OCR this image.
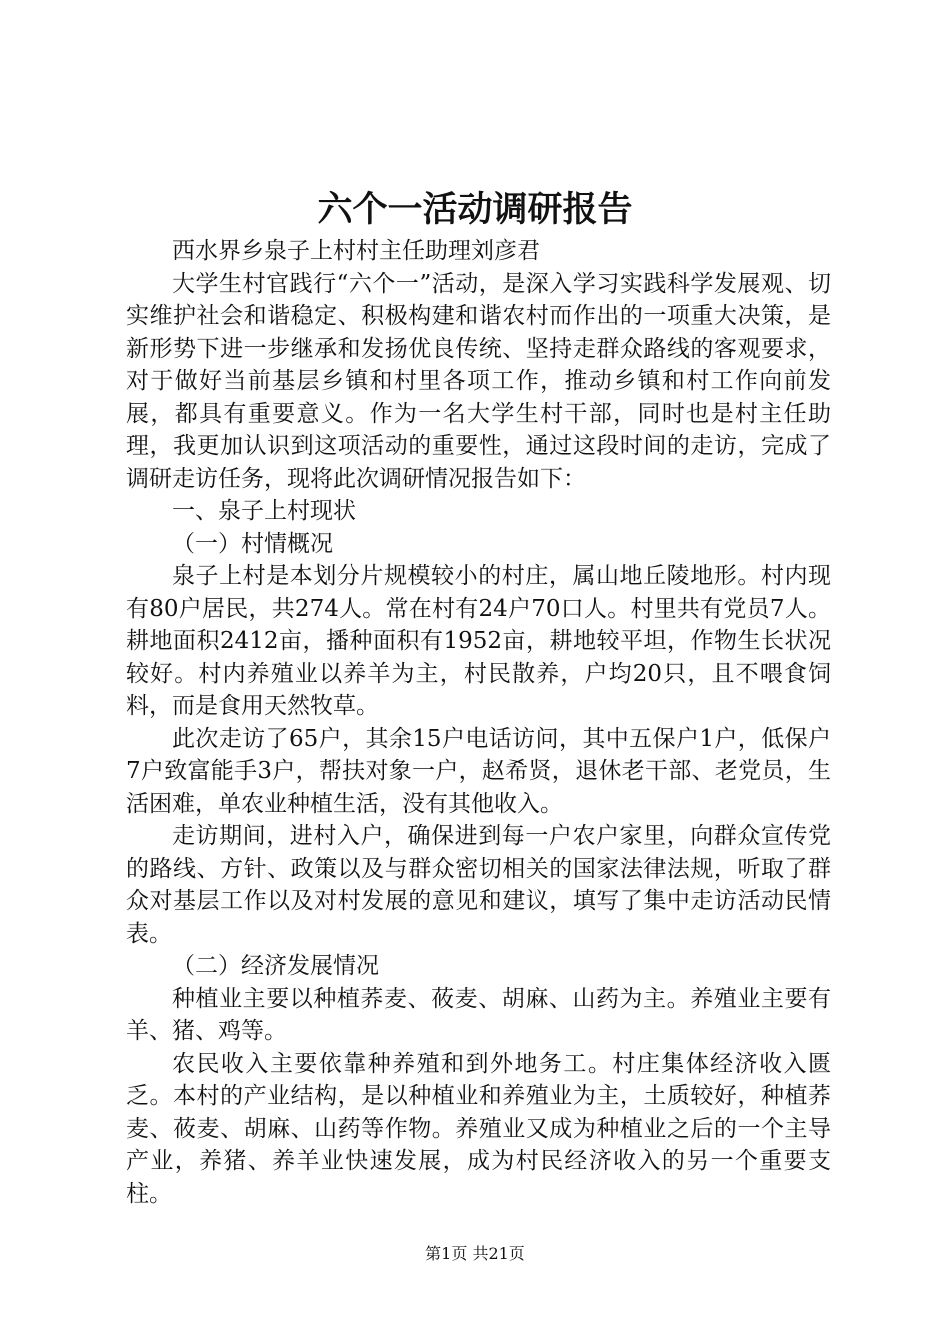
六个一活动调研报告

西水界乡泉子上村村主任助理刘彦君

大学生村官践行“六个一”活动，是深入学习实践科学发展观、切实维护社会和谐稳定、积极构建和谐农村而作出的一项重大决策，是新形势下进一步继承和发扬优良传统、坚持走群众路线的客观要求，对于做好当前基层乡镇和村里各项工作，推动乡镇和村工作向前发展，都具有重要意义。作为一名大学生村干部，同时也是村主任助理，我更加认识到这项活动的重要性，通过这段时间的走访，完成了调研走访任务，现将此次调研情况报告如下：

一、泉子上村现状

（一）村情概况

泉子上村是本划分片规模较小的村庄，属山地丘陵地形。村内现有80户居民，共274人。常在村有24户70口人。村里共有党员7人。耕地面积2412亩，播种面积有1952亩，耕地较平坦，作物生长状况较好。村内养殖业以养羊为主，村民散养，户均20只，且不喂食饲料，而是食用天然牧草。

此次走访了65户，其余15户电话访问，其中五保户1户，低保户7户致富能手3户，帮扶对象一户，赵希贤，退休老干部、老党员，生活困难，单农业种植生活，没有其他收入。

走访期间，进村入户，确保进到每一户农户家里，向群众宣传党的路线、方针、政策以及与群众密切相关的国家法律法规，听取了群众对基层工作以及对村发展的意见和建议，填写了集中走访活动民情表。

（二）经济发展情况

种植业主要以种植荞麦、莜麦、胡麻、山药为主。养殖业主要有羊、猪、鸡等。

农民收入主要依靠种养殖和到外地务工。村庄集体经济收入匮乏。本村的产业结构，是以种植业和养殖业为主，土质较好，种植荞麦、莜麦、胡麻、山药等作物。养殖业又成为种植业之后的一个主导产业，养猪、养羊业快速发展，成为村民经济收入的另一个重要支柱。

第1页 共21页
